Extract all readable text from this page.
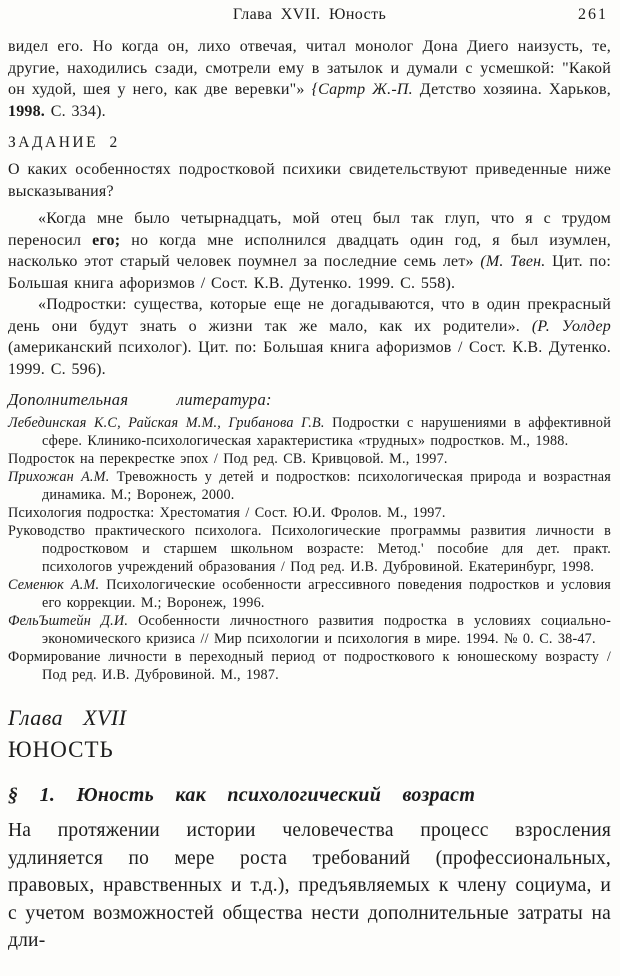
Глава XVII. Юность	261

видел его. Но когда он, лихо отвечая, читал монолог Дона Диего наизусть, те, другие, находились сзади, смотрели ему в затылок и думали с усмешкой: "Какой он худой, шея у него, как две веревки"» {Сартр Ж.-П. Детство хозяина. Харьков, 1998. С. 334).

ЗАДАНИЕ 2

О каких особенностях подростковой психики свидетельствуют приведенные ниже высказывания?

«Когда мне было четырнадцать, мой отец был так глуп, что я с трудом переносил его; но когда мне исполнился двадцать один год, я был изумлен, насколько этот старый человек поумнел за последние семь лет» (М. Твен. Цит. по: Большая книга афоризмов / Сост. К.В. Дутенко. 1999. С. 558).

«Подростки: существа, которые еще не догадываются, что в один прекрасный день они будут знать о жизни так же мало, как их родители». (Р. Уолдер (американский психолог). Цит. по: Большая книга афоризмов / Сост. К.В. Дутенко. 1999. С. 596).

Дополнительная литература:
Лебединская К.С, Райская М.М., Грибанова Г.В. Подростки с нарушениями в аффективной сфере. Клинико-психологическая характеристика «трудных» подростков. М., 1988.
Подросток на перекрестке эпох / Под ред. СВ. Кривцовой. М., 1997.
Прихожан А.М. Тревожность у детей и подростков: психологическая природа и возрастная динамика. М.; Воронеж, 2000.
Психология подростка: Хрестоматия / Сост. Ю.И. Фролов. М., 1997.
Руководство практического психолога. Психологические программы развития личности в подростковом и старшем школьном возрасте: Метод.' пособие для дет. практ. психологов учреждений образования / Под ред. И.В. Дубровиной. Екатеринбург, 1998.
Семенюк А.М. Психологические особенности агрессивного поведения подростков и условия его коррекции. М.; Воронеж, 1996.
ФельЪштейн Д.И. Особенности личностного развития подростка в условиях социально-экономического кризиса // Мир психологии и психология в мире. 1994. № 0. С. 38-47.
Формирование личности в переходный период от подросткового к юношескому возрасту / Под ред. И.В. Дубровиной. М., 1987.
Глава XVII
ЮНОСТЬ
§ 1. Юность как психологический возраст

На протяжении истории человечества процесс взросления удлиняется по мере роста требований (профессиональных, правовых, нравственных и т.д.), предъявляемых к члену социума, и с учетом возможностей общества нести дополнительные затраты на дли-
